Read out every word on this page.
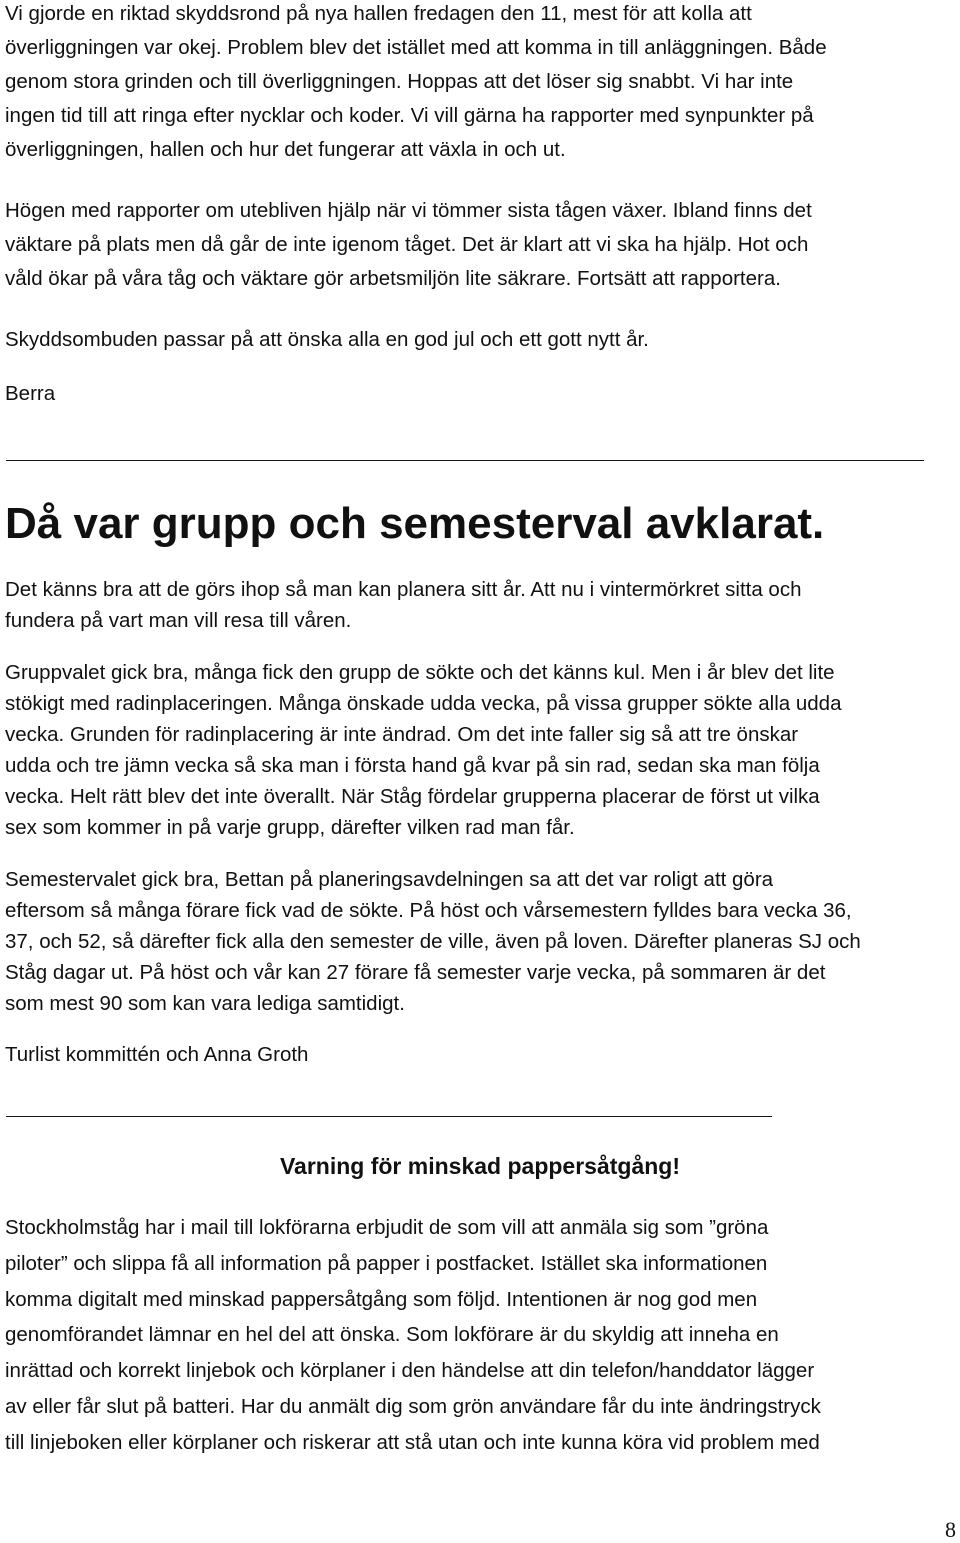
Vi gjorde en riktad skyddsrond på nya hallen fredagen den 11, mest för att kolla att
överliggningen var okej. Problem blev det istället med att komma in till anläggningen. Både
genom stora grinden och till överliggningen. Hoppas att det löser sig snabbt. Vi har inte
ingen tid till att ringa efter nycklar och koder. Vi vill gärna ha rapporter med synpunkter på
överliggningen, hallen och hur det fungerar att växla in och ut.
Högen med rapporter om utebliven hjälp när vi tömmer sista tågen växer. Ibland finns det
väktare på plats men då går de inte igenom tåget. Det är klart att vi ska ha hjälp. Hot och
våld ökar på våra tåg och väktare gör arbetsmiljön lite säkrare. Fortsätt att rapportera.
Skyddsombuden passar på att önska alla en god jul och ett gott nytt år.
Berra
Då var grupp och semesterval avklarat.
Det känns bra att de görs ihop så man kan planera sitt år. Att nu i vintermörkret sitta och
fundera på vart man vill resa till våren.
Gruppvalet gick bra, många fick den grupp de sökte och det känns kul. Men i år blev det lite
stökigt med radinplaceringen. Många önskade udda vecka, på vissa grupper sökte alla udda
vecka. Grunden för radinplacering är inte ändrad. Om det inte faller sig så att tre önskar
udda och tre jämn vecka så ska man i första hand gå kvar på sin rad, sedan ska man följa
vecka. Helt rätt blev det inte överallt. När Ståg fördelar grupperna placerar de först ut vilka
sex som kommer in på varje grupp, därefter vilken rad man får.
Semestervalet gick bra, Bettan på planeringsavdelningen sa att det var roligt att göra
eftersom så många förare fick vad de sökte. På höst och vårsemestern fylldes bara vecka 36,
37, och 52, så därefter fick alla den semester de ville, även på loven. Därefter planeras SJ och
Ståg dagar ut. På höst och vår kan 27 förare få semester varje vecka, på sommaren är det
som mest 90 som kan vara lediga samtidigt.
Turlist kommittén och Anna Groth
Varning för minskad pappersåtgång!
Stockholmståg har i mail till lokförarna erbjudit de som vill att anmäla sig som ”gröna
piloter” och slippa få all information på papper i postfacket. Istället ska informationen
komma digitalt med minskad pappersåtgång som följd. Intentionen är nog god men
genomförandet lämnar en hel del att önska. Som lokförare är du skyldig att inneha en
inrättad och korrekt linjebok och körplaner i den händelse att din telefon/handdator lägger
av eller får slut på batteri. Har du anmält dig som grön användare får du inte ändringstryck
till linjeboken eller körplaner och riskerar att stå utan och inte kunna köra vid problem med
8
